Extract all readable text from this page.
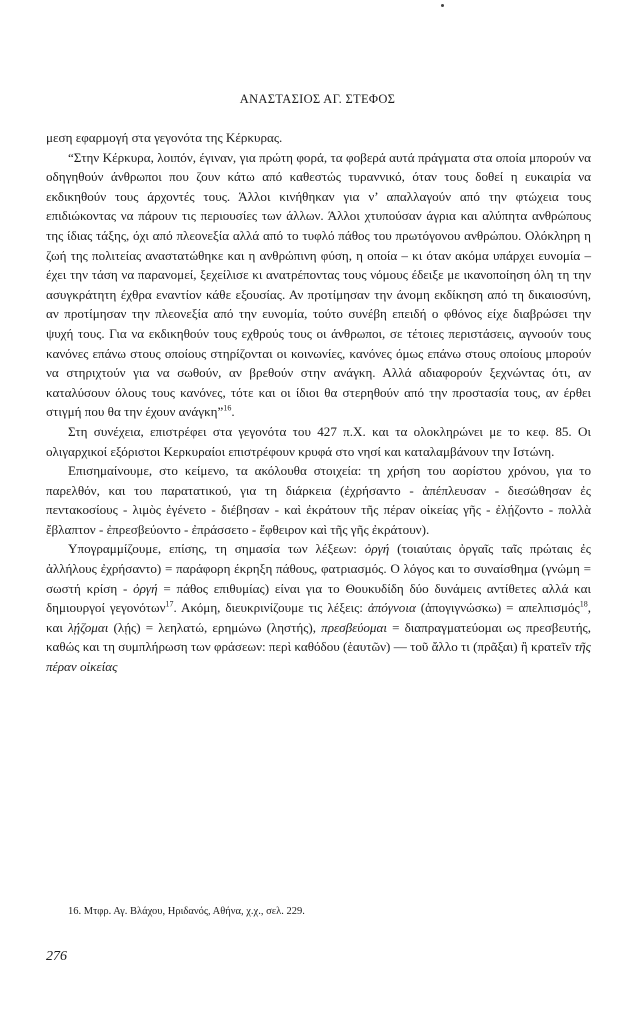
ΑΝΑΣΤΑΣΙΟΣ ΑΓ. ΣΤΕΦΟΣ

μεση εφαρμογή στα γεγονότα της Κέρκυρας.

“Στην Κέρκυρα, λοιπόν, έγιναν, για πρώτη φορά, τα φοβερά αυτά πράγματα στα οποία μπορούν να οδηγηθούν άνθρωποι που ζουν κάτω από καθεστώς τυραννικό, όταν τους δοθεί η ευκαιρία να εκδικηθούν τους άρχοντές τους. Άλλοι κινήθηκαν για ν’ απαλλαγούν από την φτώχεια τους επιδιώκοντας να πάρουν τις περιουσίες των άλλων. Άλλοι χτυπούσαν άγρια και αλύπητα ανθρώπους της ίδιας τάξης, όχι από πλεονεξία αλλά από το τυφλό πάθος του πρωτόγονου ανθρώπου. Ολόκληρη η ζωή της πολιτείας αναστατώθηκε και η ανθρώπινη φύση, η οποία – κι όταν ακόμα υπάρχει ευνομία – έχει την τάση να παρανομεί, ξεχείλισε κι ανατρέποντας τους νόμους έδειξε με ικανοποίηση όλη τη την ασυγκράτητη έχθρα εναντίον κάθε εξουσίας. Αν προτίμησαν την άνομη εκδίκηση από τη δικαιοσύνη, αν προτίμησαν την πλεονεξία από την ευνομία, τούτο συνέβη επειδή ο φθόνος είχε διαβρώσει την ψυχή τους. Για να εκδικηθούν τους εχθρούς τους οι άνθρωποι, σε τέτοιες περιστάσεις, αγνοούν τους κανόνες επάνω στους οποίους στηρίζονται οι κοινωνίες, κανόνες όμως επάνω στους οποίους μπορούν να στηριχτούν για να σωθούν, αν βρεθούν στην ανάγκη. Αλλά αδιαφορούν ξεχνώντας ότι, αν καταλύσουν όλους τους κανόνες, τότε και οι ίδιοι θα στερηθούν από την προστασία τους, αν έρθει στιγμή που θα την έχουν ανάγκη”$^{16}$.

Στη συνέχεια, επιστρέφει στα γεγονότα του 427 π.Χ. και τα ολοκληρώνει με το κεφ. 85. Οι ολιγαρχικοί εξόριστοι Κερκυραίοι επιστρέφουν κρυφά στο νησί και καταλαμβάνουν την Ιστώνη.

Επισημαίνουμε, στο κείμενο, τα ακόλουθα στοιχεία: τη χρήση του αορίστου χρόνου, για το παρελθόν, και του παρατατικού, για τη διάρκεια (ἐχρήσαντο - ἀπέπλευσαν - διεσώθησαν ἐς πεντακοσίους - λιμὸς ἐγένετο - διέβησαν - καὶ ἐκράτουν τῆς πέραν οἰκείας γῆς - ἐλῄζοντο - πολλὰ ἔβλαπτον - ἐπρεσβεύοντο - ἐπράσσετο - ἔφθειρον καὶ τῆς γῆς ἐκράτουν).

Υπογραμμίζουμε, επίσης, τη σημασία των λέξεων: ὀργή (τοιαύταις ὀργαῖς ταῖς πρώταις ἐς ἀλλήλους ἐχρήσαντο) = παράφορη έκρηξη πάθους, φατριασμός. Ο λόγος και το συναίσθημα (γνώμη = σωστή κρίση - ὀργή = πάθος επιθυμίας) είναι για το Θουκυδίδη δύο δυνάμεις αντίθετες αλλά και δημιουργοί γεγονότων$^{17}$. Ακόμη, διευκρινίζουμε τις λέξεις: ἀπόγνοια (ἀπογιγνώσκω) = απελπισμός$^{18}$, και λῄζομαι (λῄς) = λεηλατώ, ερημώνω (ληστής), πρεσβεύομαι = διαπραγματεύομαι ως πρεσβευτής, καθώς και τη συμπλήρωση των φράσεων: περὶ καθόδου (ἑαυτῶν) — τοῦ ἄλλο τι (πρᾶξαι) ἢ κρατεῖν τῆς πέραν οἰκείας

16. Μτφρ. Αγ. Βλάχου, Ηριδανός, Αθήνα, χ.χ., σελ. 229.
276
